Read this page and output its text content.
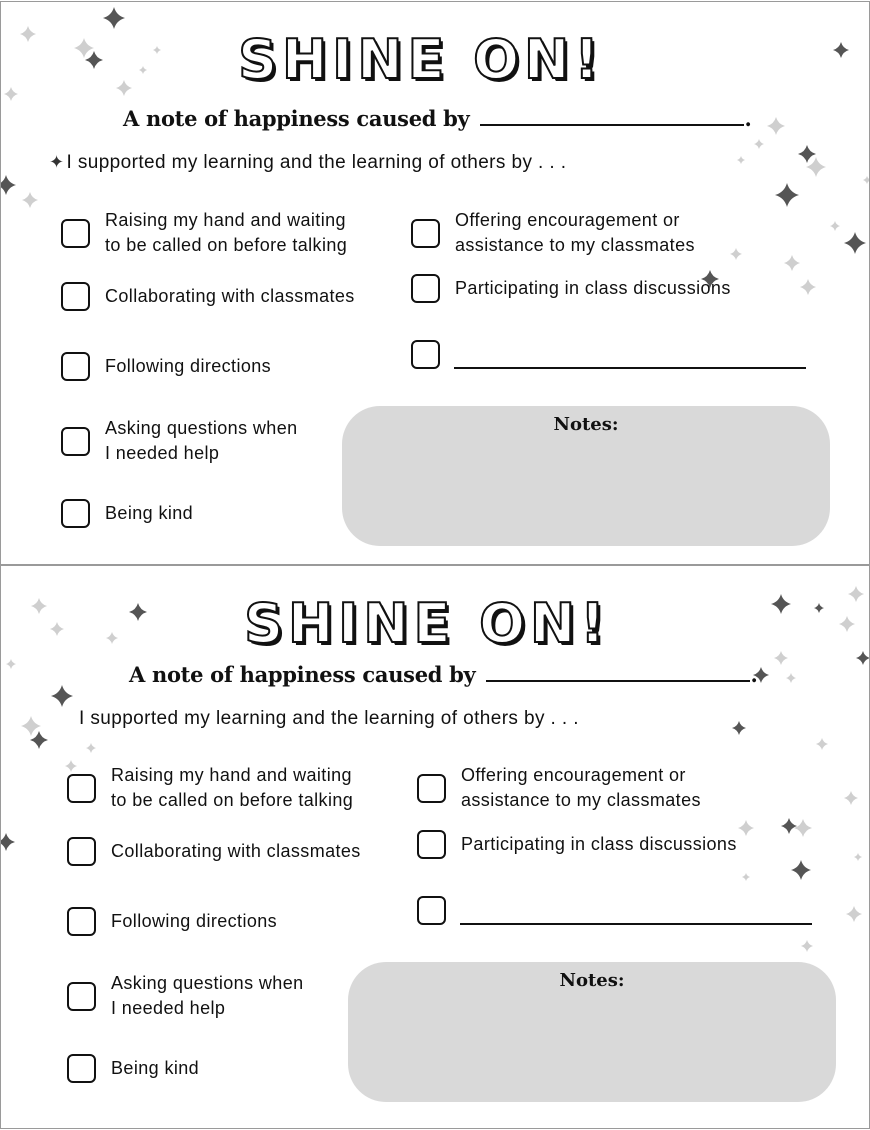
SHINE ON!
A note of happiness caused by	.
✦ I supported my learning and the learning of others by . . .
Raising my hand and waiting
to be called on before talking
Collaborating with classmates
Following directions
Asking questions when
I needed help
Being kind
Offering encouragement or
assistance to my classmates
Participating in class discussions
Notes:
SHINE ON!
A note of happiness caused by	.
I supported my learning and the learning of others by . . .
Raising my hand and waiting
to be called on before talking
Collaborating with classmates
Following directions
Asking questions when
I needed help
Being kind
Offering encouragement or
assistance to my classmates
Participating in class discussions
Notes:
